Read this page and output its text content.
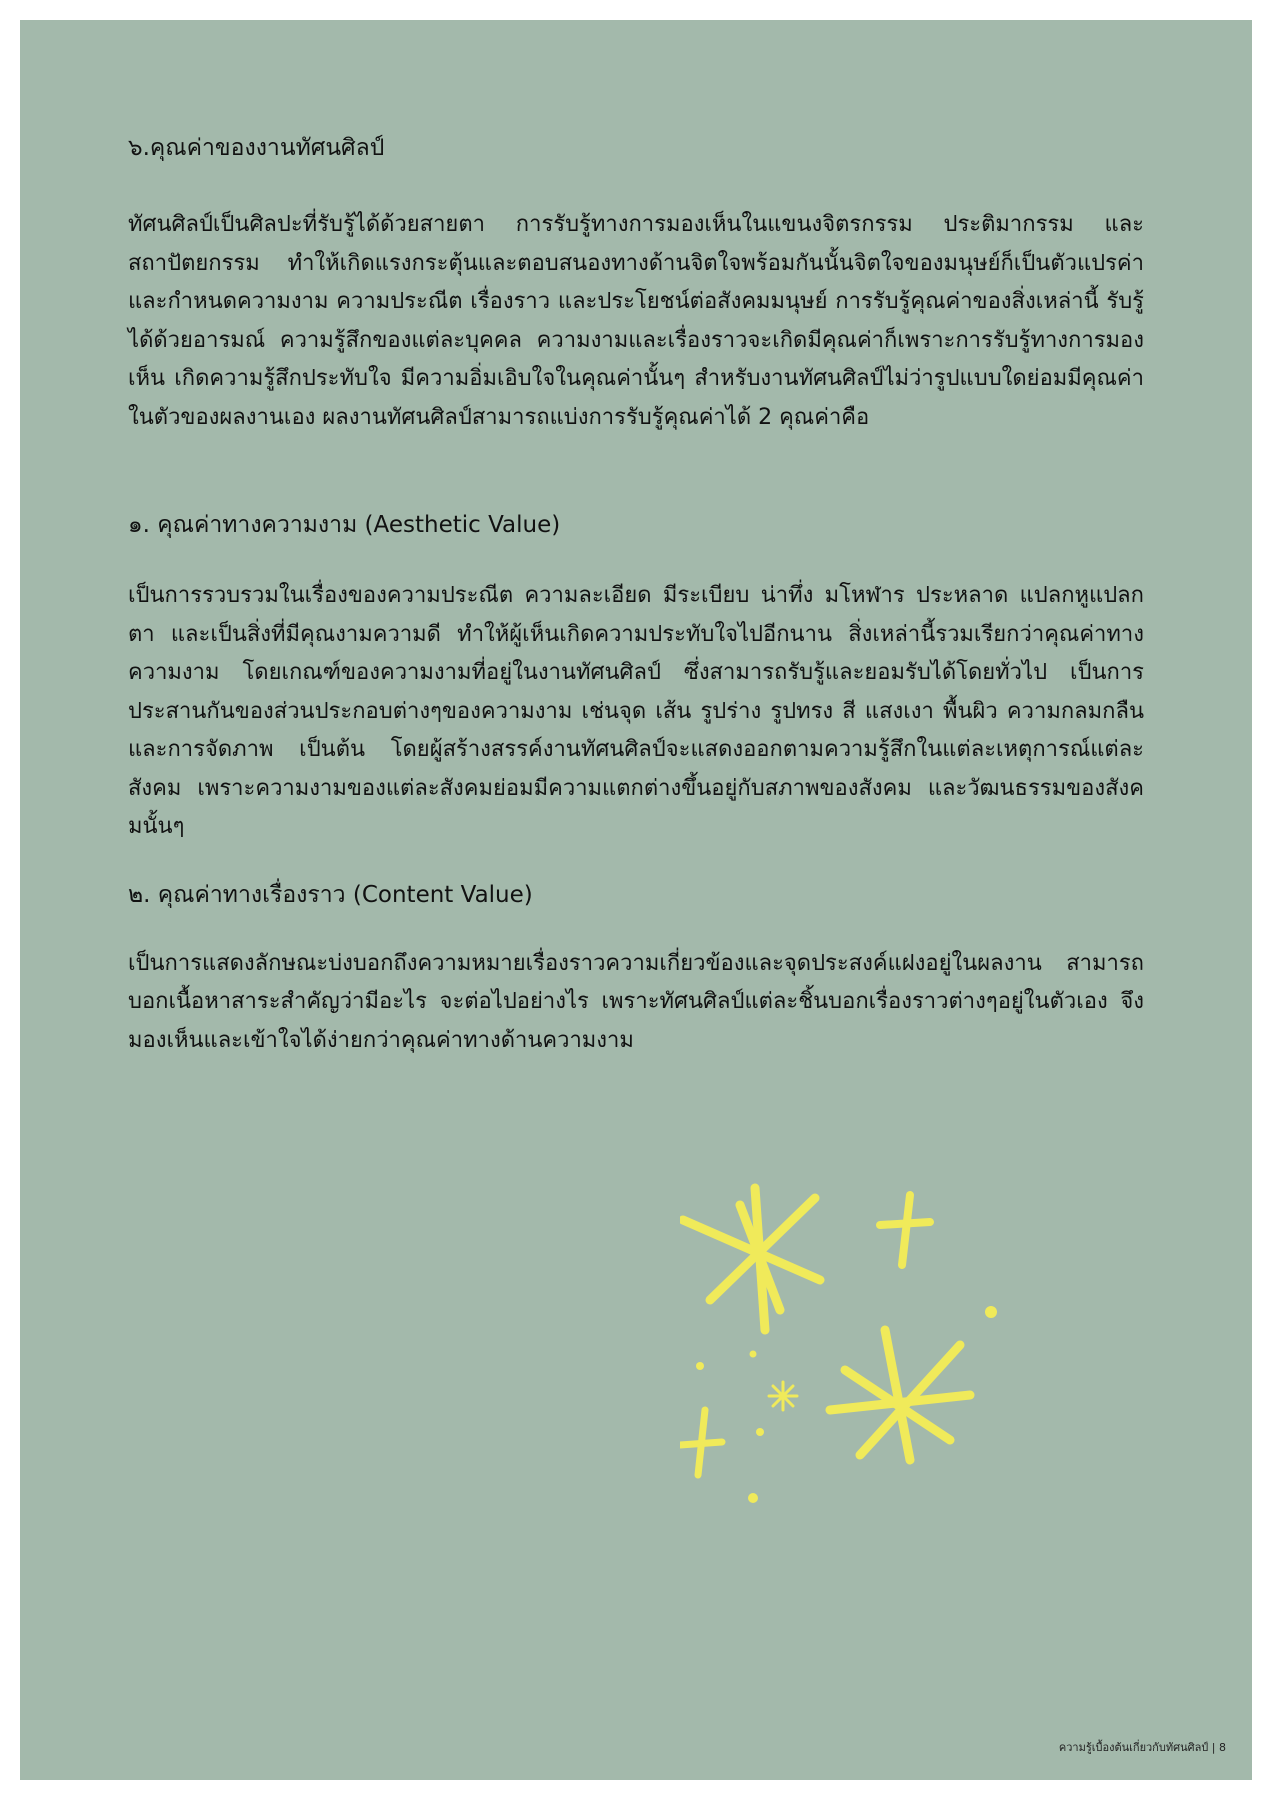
๖.คุณค่าของงานทัศนศิลป์

ทัศนศิลป์เป็นศิลปะที่รับรู้ได้ด้วยสายตา การรับรู้ทางการมองเห็นในแขนงจิตรกรรม ประติมากรรม และสถาปัตยกรรม ทำให้เกิดแรงกระตุ้นและตอบสนองทางด้านจิตใจพร้อมกันนั้นจิตใจของมนุษย์ก็เป็นตัวแปรค่าและกำหนดความงาม ความประณีต เรื่องราว และประโยชน์ต่อสังคมมนุษย์ การรับรู้คุณค่าของสิ่งเหล่านี้ รับรู้ได้ด้วยอารมณ์ ความรู้สึกของแต่ละบุคคล ความงามและเรื่องราวจะเกิดมีคุณค่าก็เพราะการรับรู้ทางการมองเห็น เกิดความรู้สึกประทับใจ มีความอิ่มเอิบใจในคุณค่านั้นๆ สำหรับงานทัศนศิลป์ไม่ว่ารูปแบบใดย่อมมีคุณค่าในตัวของผลงานเอง ผลงานทัศนศิลป์สามารถแบ่งการรับรู้คุณค่าได้ 2 คุณค่าคือ

๑. คุณค่าทางความงาม (Aesthetic Value)

เป็นการรวบรวมในเรื่องของความประณีต ความละเอียด มีระเบียบ น่าทึ่ง มโหฬาร ประหลาด แปลกหูแปลกตา และเป็นสิ่งที่มีคุณงามความดี ทำให้ผู้เห็นเกิดความประทับใจไปอีกนาน สิ่งเหล่านี้รวมเรียกว่าคุณค่าทางความงาม โดยเกณฑ์ของความงามที่อยู่ในงานทัศนศิลป์ ซึ่งสามารถรับรู้และยอมรับได้โดยทั่วไป เป็นการประสานกันของส่วนประกอบต่างๆของความงาม เช่นจุด เส้น รูปร่าง รูปทรง สี แสงเงา พื้นผิว ความกลมกลืน และการจัดภาพ เป็นต้น โดยผู้สร้างสรรค์งานทัศนศิลป์จะแสดงออกตามความรู้สึกในแต่ละเหตุการณ์แต่ละสังคม เพราะความงามของแต่ละสังคมย่อมมีความแตกต่างขึ้นอยู่กับสภาพของสังคม และวัฒนธรรมของสังคมนั้นๆ

๒. คุณค่าทางเรื่องราว (Content Value)

เป็นการแสดงลักษณะบ่งบอกถึงความหมายเรื่องราวความเกี่ยวข้องและจุดประสงค์แฝงอยู่ในผลงาน สามารถบอกเนื้อหาสาระสำคัญว่ามีอะไร จะต่อไปอย่างไร เพราะทัศนศิลป์แต่ละชิ้นบอกเรื่องราวต่างๆอยู่ในตัวเอง จึงมองเห็นและเข้าใจได้ง่ายกว่าคุณค่าทางด้านความงาม

ความรู้เบื้องต้นเกี่ยวกับทัศนศิลป์ | 8
